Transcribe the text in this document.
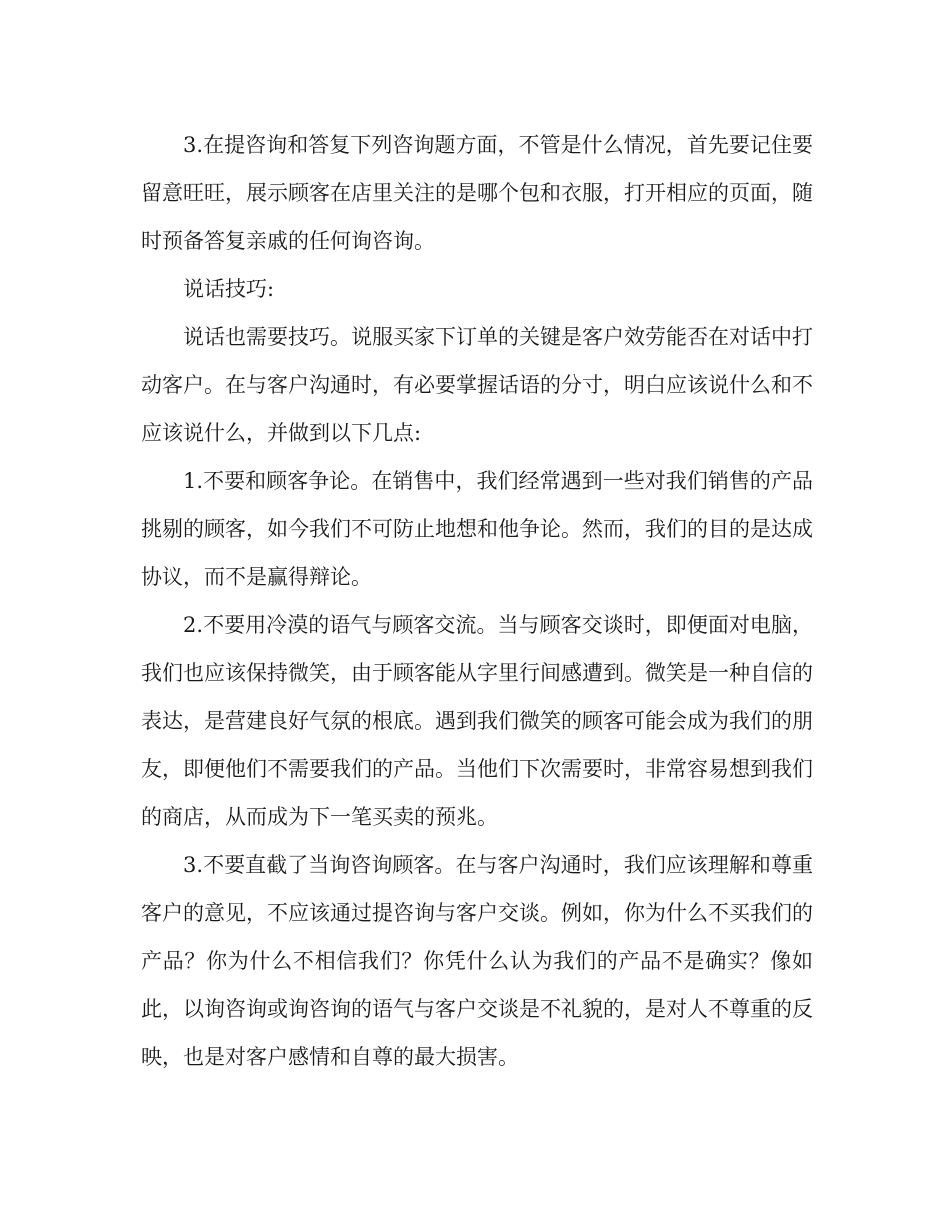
3.在提咨询和答复下列咨询题方面，不管是什么情况，首先要记住要留意旺旺，展示顾客在店里关注的是哪个包和衣服，打开相应的页面，随时预备答复亲戚的任何询咨询。

说话技巧:

说话也需要技巧。说服买家下订单的关键是客户效劳能否在对话中打动客户。在与客户沟通时，有必要掌握话语的分寸，明白应该说什么和不应该说什么，并做到以下几点:

1.不要和顾客争论。在销售中，我们经常遇到一些对我们销售的产品挑剔的顾客，如今我们不可防止地想和他争论。然而，我们的目的是达成协议，而不是赢得辩论。

2.不要用冷漠的语气与顾客交流。当与顾客交谈时，即便面对电脑，我们也应该保持微笑，由于顾客能从字里行间感遭到。微笑是一种自信的表达，是营建良好气氛的根底。遇到我们微笑的顾客可能会成为我们的朋友，即便他们不需要我们的产品。当他们下次需要时，非常容易想到我们的商店，从而成为下一笔买卖的预兆。

3.不要直截了当询咨询顾客。在与客户沟通时，我们应该理解和尊重客户的意见，不应该通过提咨询与客户交谈。例如，你为什么不买我们的产品？你为什么不相信我们？你凭什么认为我们的产品不是确实？像如此，以询咨询或询咨询的语气与客户交谈是不礼貌的，是对人不尊重的反映，也是对客户感情和自尊的最大损害。
